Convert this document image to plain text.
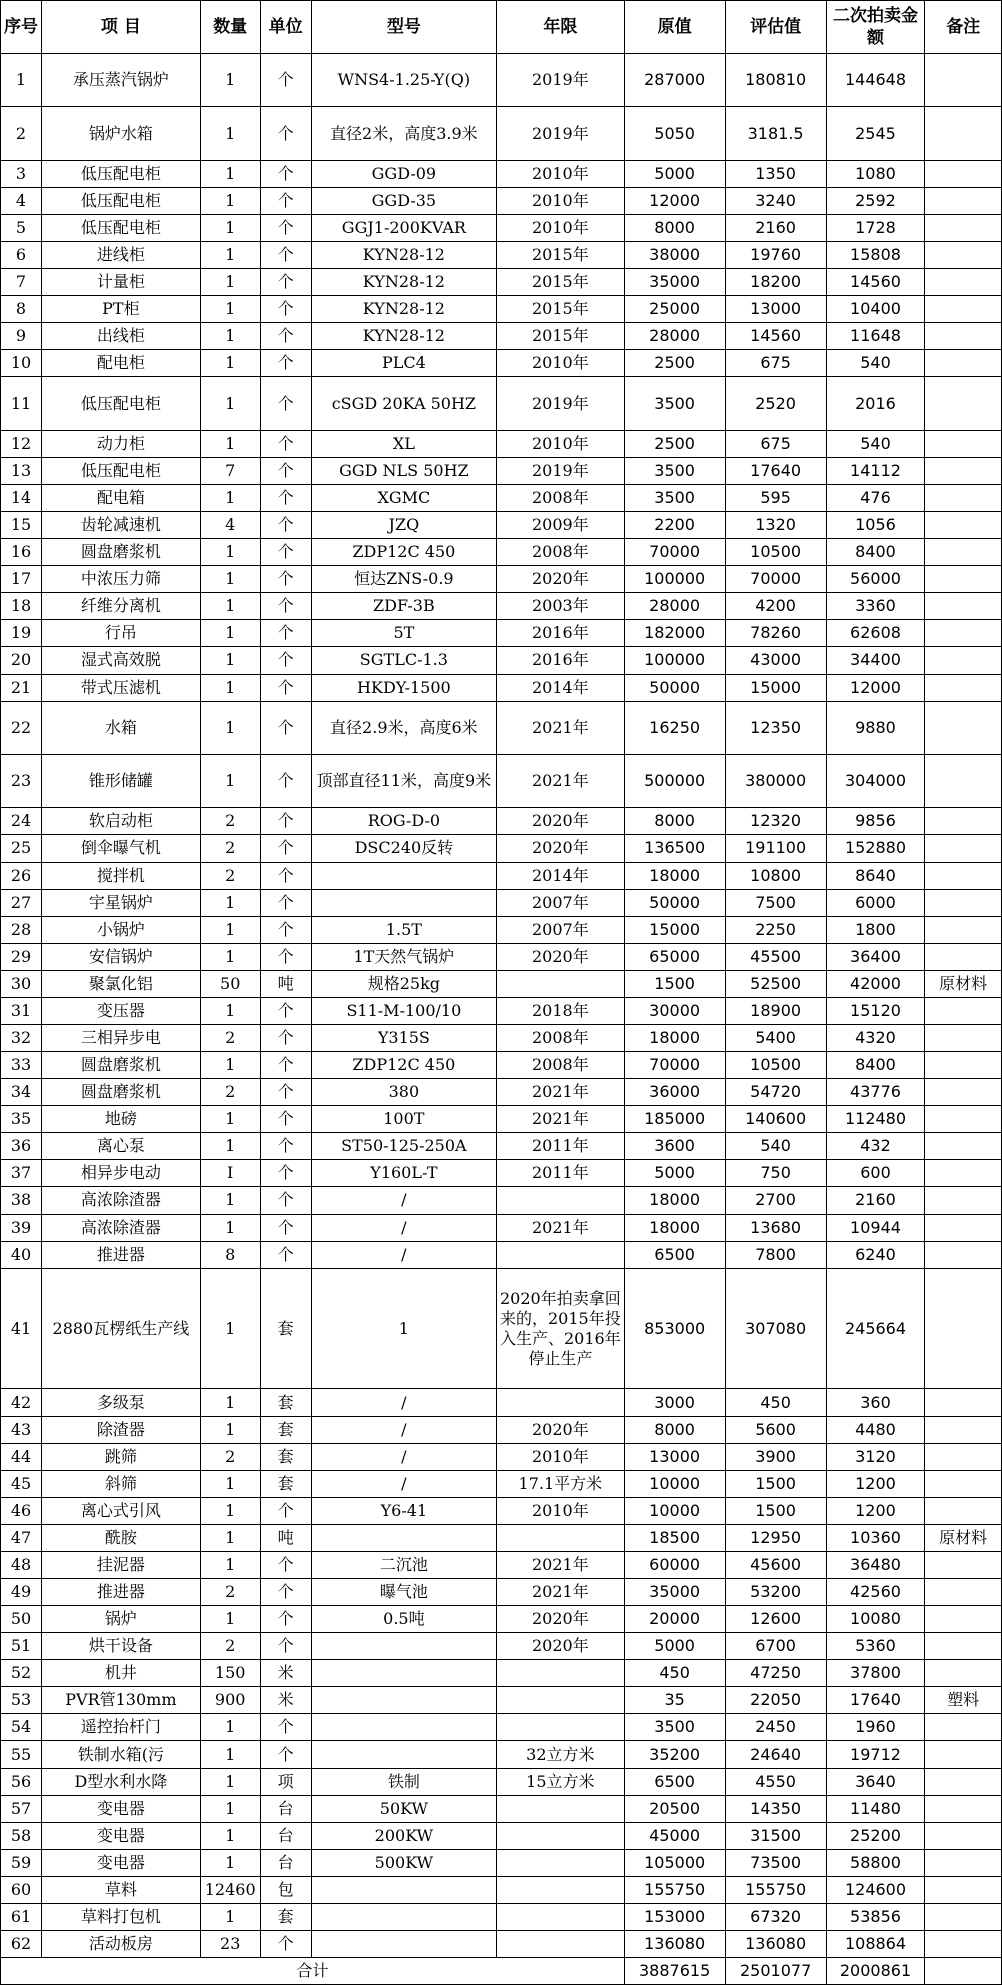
序号	项 目	数量	单位	型号	年限	原值	评估值	二次拍卖金额	备注
1	承压蒸汽锅炉	1	个	WNS4-1.25-Y(Q)	2019年	287000	180810	144648	
2	锅炉水箱	1	个	直径2米，高度3.9米	2019年	5050	3181.5	2545	
3	低压配电柜	1	个	GGD-09	2010年	5000	1350	1080	
4	低压配电柜	1	个	GGD-35	2010年	12000	3240	2592	
5	低压配电柜	1	个	GGJ1-200KVAR	2010年	8000	2160	1728	
6	进线柜	1	个	KYN28-12	2015年	38000	19760	15808	
7	计量柜	1	个	KYN28-12	2015年	35000	18200	14560	
8	PT柜	1	个	KYN28-12	2015年	25000	13000	10400	
9	出线柜	1	个	KYN28-12	2015年	28000	14560	11648	
10	配电柜	1	个	PLC4	2010年	2500	675	540	
11	低压配电柜	1	个	cSGD 20KA 50HZ	2019年	3500	2520	2016	
12	动力柜	1	个	XL	2010年	2500	675	540	
13	低压配电柜	7	个	GGD NLS 50HZ	2019年	3500	17640	14112	
14	配电箱	1	个	XGMC	2008年	3500	595	476	
15	齿轮减速机	4	个	JZQ	2009年	2200	1320	1056	
16	圆盘磨浆机	1	个	ZDP12C 450	2008年	70000	10500	8400	
17	中浓压力筛	1	个	恒达ZNS-0.9	2020年	100000	70000	56000	
18	纤维分离机	1	个	ZDF-3B	2003年	28000	4200	3360	
19	行吊	1	个	5T	2016年	182000	78260	62608	
20	湿式高效脱	1	个	SGTLC-1.3	2016年	100000	43000	34400	
21	带式压滤机	1	个	HKDY-1500	2014年	50000	15000	12000	
22	水箱	1	个	直径2.9米，高度6米	2021年	16250	12350	9880	
23	锥形储罐	1	个	顶部直径11米，高度9米	2021年	500000	380000	304000	
24	软启动柜	2	个	ROG-D-0	2020年	8000	12320	9856	
25	倒伞曝气机	2	个	DSC240反转	2020年	136500	191100	152880	
26	搅拌机	2	个		2014年	18000	10800	8640	
27	宇星锅炉	1	个		2007年	50000	7500	6000	
28	小锅炉	1	个	1.5T	2007年	15000	2250	1800	
29	安信锅炉	1	个	1T天然气锅炉	2020年	65000	45500	36400	
30	聚氯化铝	50	吨	规格25kg		1500	52500	42000	原材料
31	变压器	1	个	S11-M-100/10	2018年	30000	18900	15120	
32	三相异步电	2	个	Y315S	2008年	18000	5400	4320	
33	圆盘磨浆机	1	个	ZDP12C 450	2008年	70000	10500	8400	
34	圆盘磨浆机	2	个	380	2021年	36000	54720	43776	
35	地磅	1	个	100T	2021年	185000	140600	112480	
36	离心泵	1	个	ST50-125-250A	2011年	3600	540	432	
37	相异步电动	I	个	Y160L-T	2011年	5000	750	600	
38	高浓除渣器	1	个	/		18000	2700	2160	
39	高浓除渣器	1	个	/	2021年	18000	13680	10944	
40	推进器	8	个	/		6500	7800	6240	
41	2880瓦楞纸生产线	1	套	1	2020年拍卖拿回来的，2015年投入生产、2016年停止生产	853000	307080	245664	
42	多级泵	1	套	/		3000	450	360	
43	除渣器	1	套	/	2020年	8000	5600	4480	
44	跳筛	2	套	/	2010年	13000	3900	3120	
45	斜筛	1	套	/	17.1平方米	10000	1500	1200	
46	离心式引风	1	个	Y6-41	2010年	10000	1500	1200	
47	酰胺	1	吨			18500	12950	10360	原材料
48	挂泥器	1	个	二沉池	2021年	60000	45600	36480	
49	推进器	2	个	曝气池	2021年	35000	53200	42560	
50	锅炉	1	个	0.5吨	2020年	20000	12600	10080	
51	烘干设备	2	个		2020年	5000	6700	5360	
52	机井	150	米			450	47250	37800	
53	PVR管130mm	900	米			35	22050	17640	塑料
54	遥控抬杆门	1	个			3500	2450	1960	
55	铁制水箱(污	1	个		32立方米	35200	24640	19712	
56	D型水利水降	1	项	铁制	15立方米	6500	4550	3640	
57	变电器	1	台	50KW		20500	14350	11480	
58	变电器	1	台	200KW		45000	31500	25200	
59	变电器	1	台	500KW		105000	73500	58800	
60	草料	12460	包			155750	155750	124600	
61	草料打包机	1	套			153000	67320	53856	
62	活动板房	23	个			136080	136080	108864	
合计						3887615	2501077	2000861	
